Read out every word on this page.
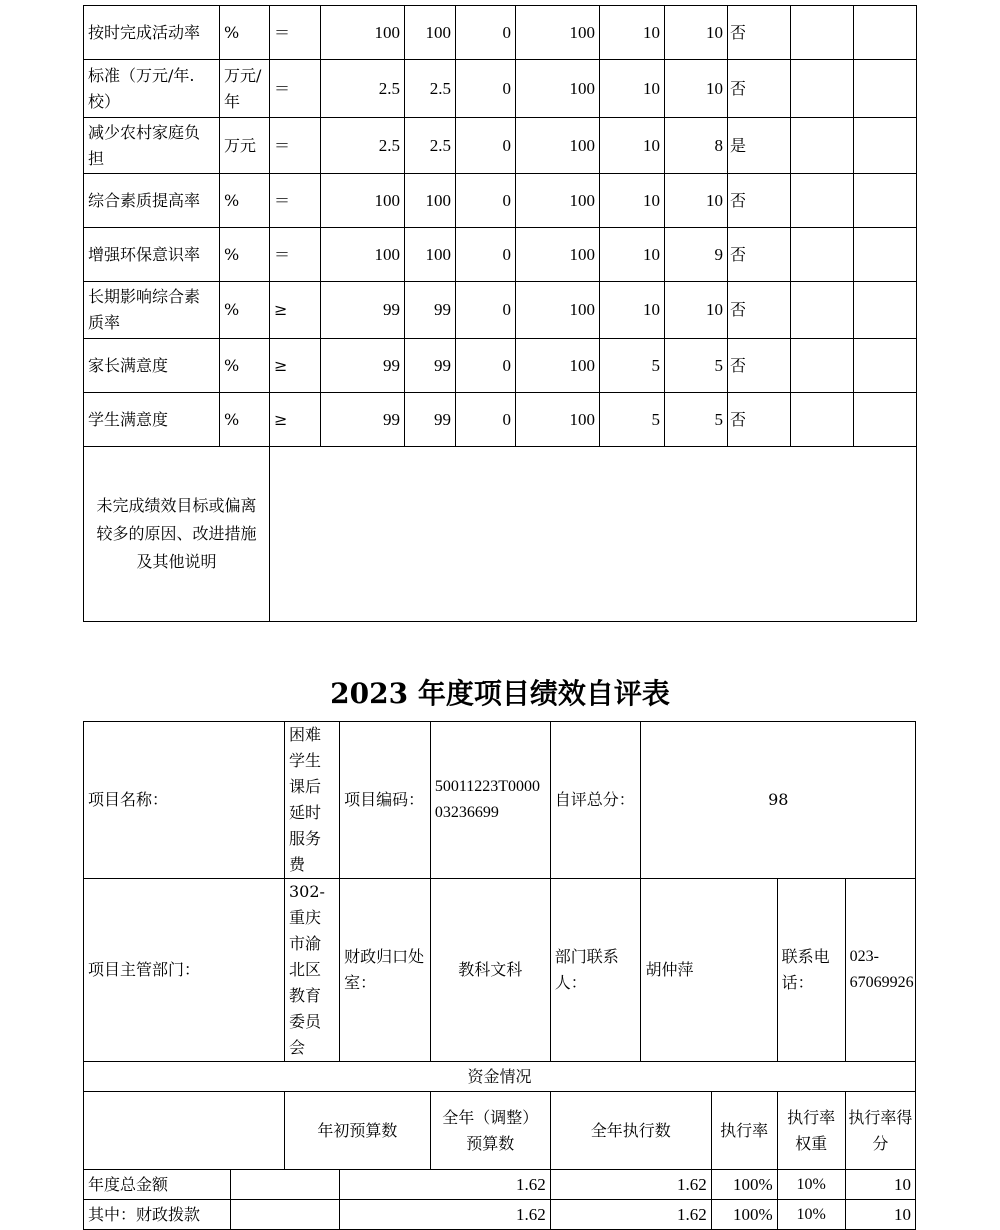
按时完成活动率	%	＝	100	100	0	100	10	10	否		
标准（万元/年.校）	万元/年	＝	2.5	2.5	0	100	10	10	否		
减少农村家庭负担	万元	＝	2.5	2.5	0	100	10	8	是		
综合素质提高率	%	＝	100	100	0	100	10	10	否		
增强环保意识率	%	＝	100	100	0	100	10	9	否		
长期影响综合素质率	%	≥	99	99	0	100	10	10	否		
家长满意度	%	≥	99	99	0	100	5	5	否		
学生满意度	%	≥	99	99	0	100	5	5	否		
未完成绩效目标或偏离较多的原因、改进措施及其他说明											
2023 年度项目绩效自评表
项目名称：		困难学生课后延时服务费	项目编码：	50011223T000003236699	自评总分：	98			
项目主管部门：		302-重庆市渝北区教育委员会	财政归口处室：	教科文科	部门联系人：	胡仲萍		联系电话：	023-67069926
资金情况									
		年初预算数		全年（调整）预算数	全年执行数		执行率	执行率权重	执行率得分
年度总金额			1.62		1.62		100%	10%	10
其中：财政拨款			1.62		1.62		100%	10%	10
